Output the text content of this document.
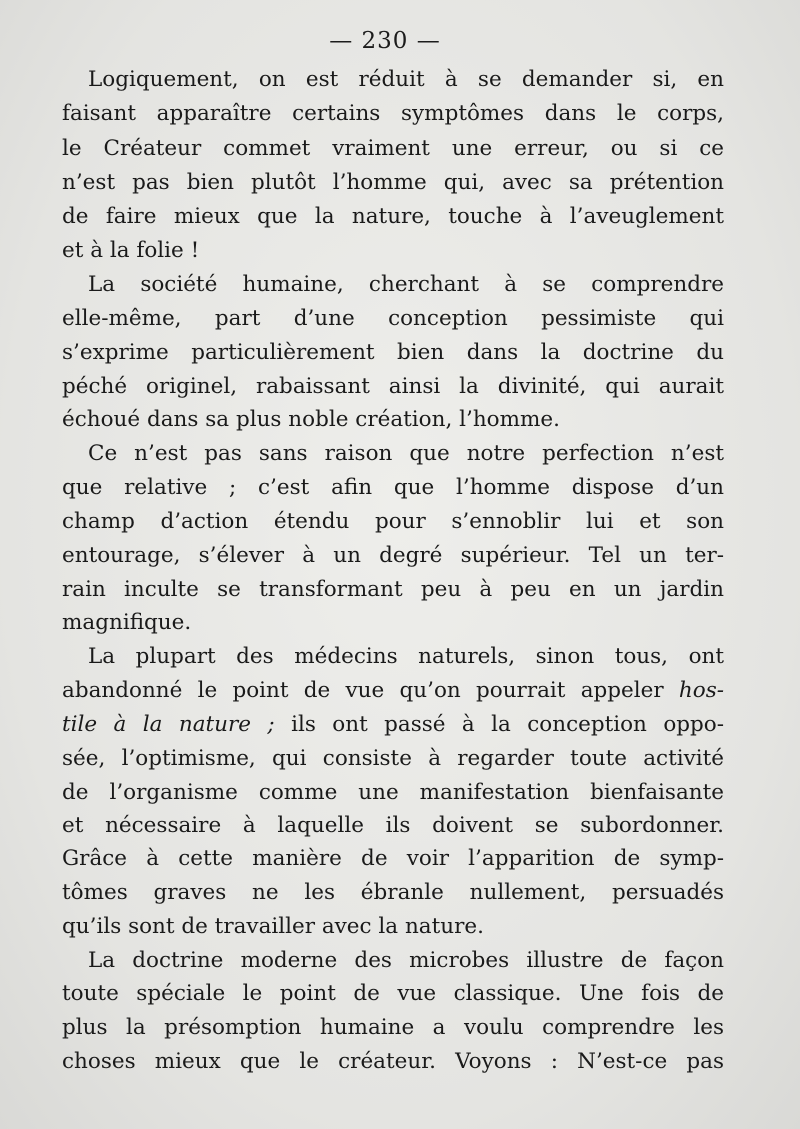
— 230 —
Logiquement, on est réduit à se demander si, en
faisant apparaître certains symptômes dans le corps,
le Créateur commet vraiment une erreur, ou si ce
n’est pas bien plutôt l’homme qui, avec sa prétention
de faire mieux que la nature, touche à l’aveuglement
et à la folie !
La société humaine, cherchant à se comprendre
elle-même, part d’une conception pessimiste qui
s’exprime particulièrement bien dans la doctrine du
péché originel, rabaissant ainsi la divinité, qui aurait
échoué dans sa plus noble création, l’homme.
Ce n’est pas sans raison que notre perfection n’est
que relative ; c’est afin que l’homme dispose d’un
champ d’action étendu pour s’ennoblir lui et son
entourage, s’élever à un degré supérieur. Tel un ter-
rain inculte se transformant peu à peu en un jardin
magnifique.
La plupart des médecins naturels, sinon tous, ont
abandonné le point de vue qu’on pourrait appeler hos-
tile à la nature ; ils ont passé à la conception oppo-
sée, l’optimisme, qui consiste à regarder toute activité
de l’organisme comme une manifestation bienfaisante
et nécessaire à laquelle ils doivent se subordonner.
Grâce à cette manière de voir l’apparition de symp-
tômes graves ne les ébranle nullement, persuadés
qu’ils sont de travailler avec la nature.
La doctrine moderne des microbes illustre de façon
toute spéciale le point de vue classique. Une fois de
plus la présomption humaine a voulu comprendre les
choses mieux que le créateur. Voyons : N’est-ce pas
